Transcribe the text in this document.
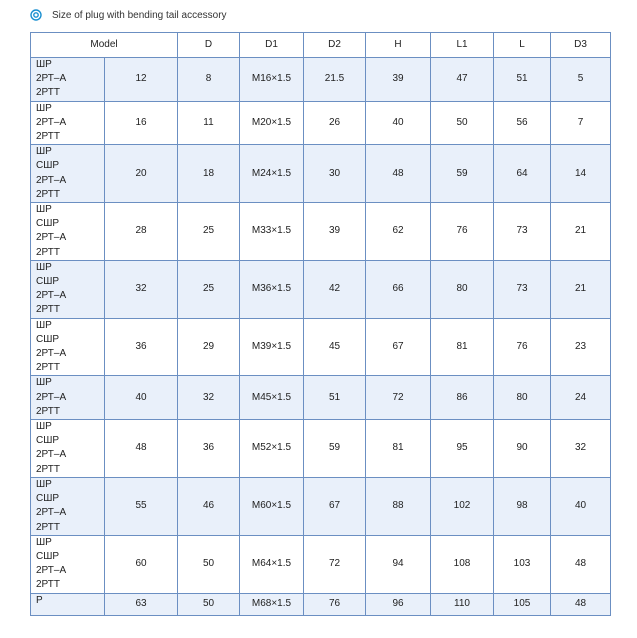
Size of plug with bending tail accessory
Model		D	D1	D2	H	L1	L	D3

ШР
2РТ–А
2РТТ	12	8	M16×1.5	21.5	39	47	51	5

ШР
2РТ–А
2РТТ	16	11	M20×1.5	26	40	50	56	7

ШР
СШР
2РТ–А
2РТТ	20	18	M24×1.5	30	48	59	64	14

ШР
СШР
2РТ–А
2РТТ	28	25	M33×1.5	39	62	76	73	21

ШР
СШР
2РТ–А
2РТТ	32	25	M36×1.5	42	66	80	73	21

ШР
СШР
2РТ–А
2РТТ	36	29	M39×1.5	45	67	81	76	23

ШР
2РТ–А
2РТТ	40	32	M45×1.5	51	72	86	80	24

ШР
СШР
2РТ–А
2РТТ	48	36	M52×1.5	59	81	95	90	32

ШР
СШР
2РТ–А
2РТТ	55	46	M60×1.5	67	88	102	98	40

ШР
СШР
2РТ–А
2РТТ	60	50	M64×1.5	72	94	108	103	48

Р	63	50	M68×1.5	76	96	110	105	48
